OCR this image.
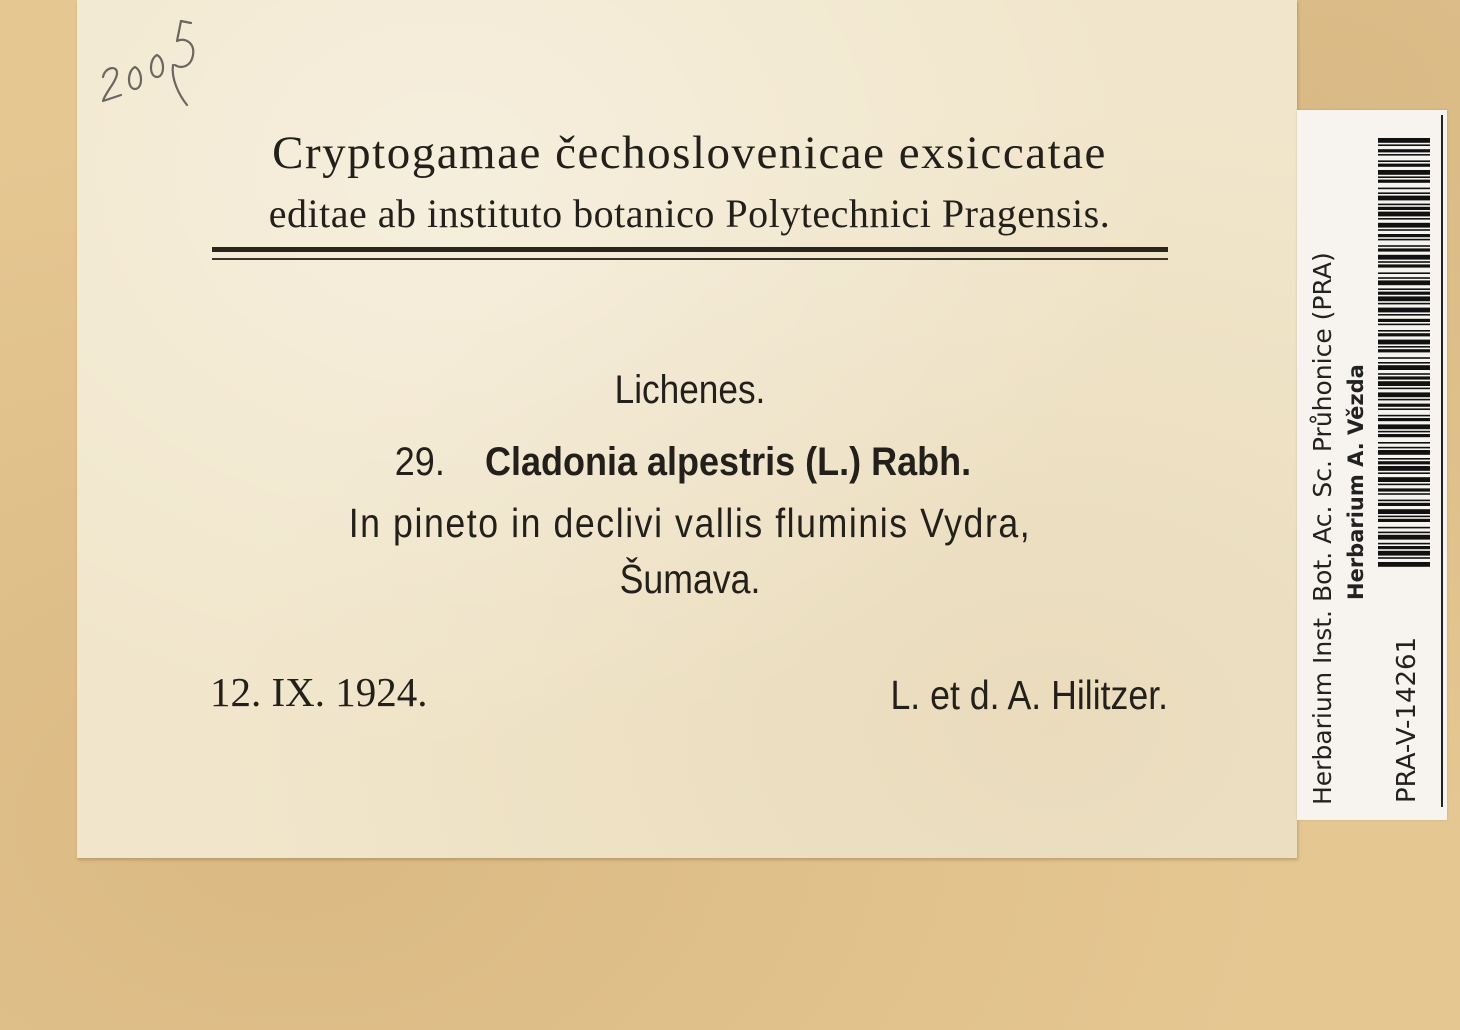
Cryptogamae čechoslovenicae exsiccatae
editae ab instituto botanico Polytechnici Pragensis.
Lichenes.
29. Cladonia alpestris (L.) Rabh.
In pineto in declivi vallis fluminis Vydra,
Šumava.
12. IX. 1924.	L. et d. A. Hilitzer.	Herbarium Inst. Bot. Ac. Sc. Průhonice (PRA) Herbarium A. Vězda
PRA-V-14261
